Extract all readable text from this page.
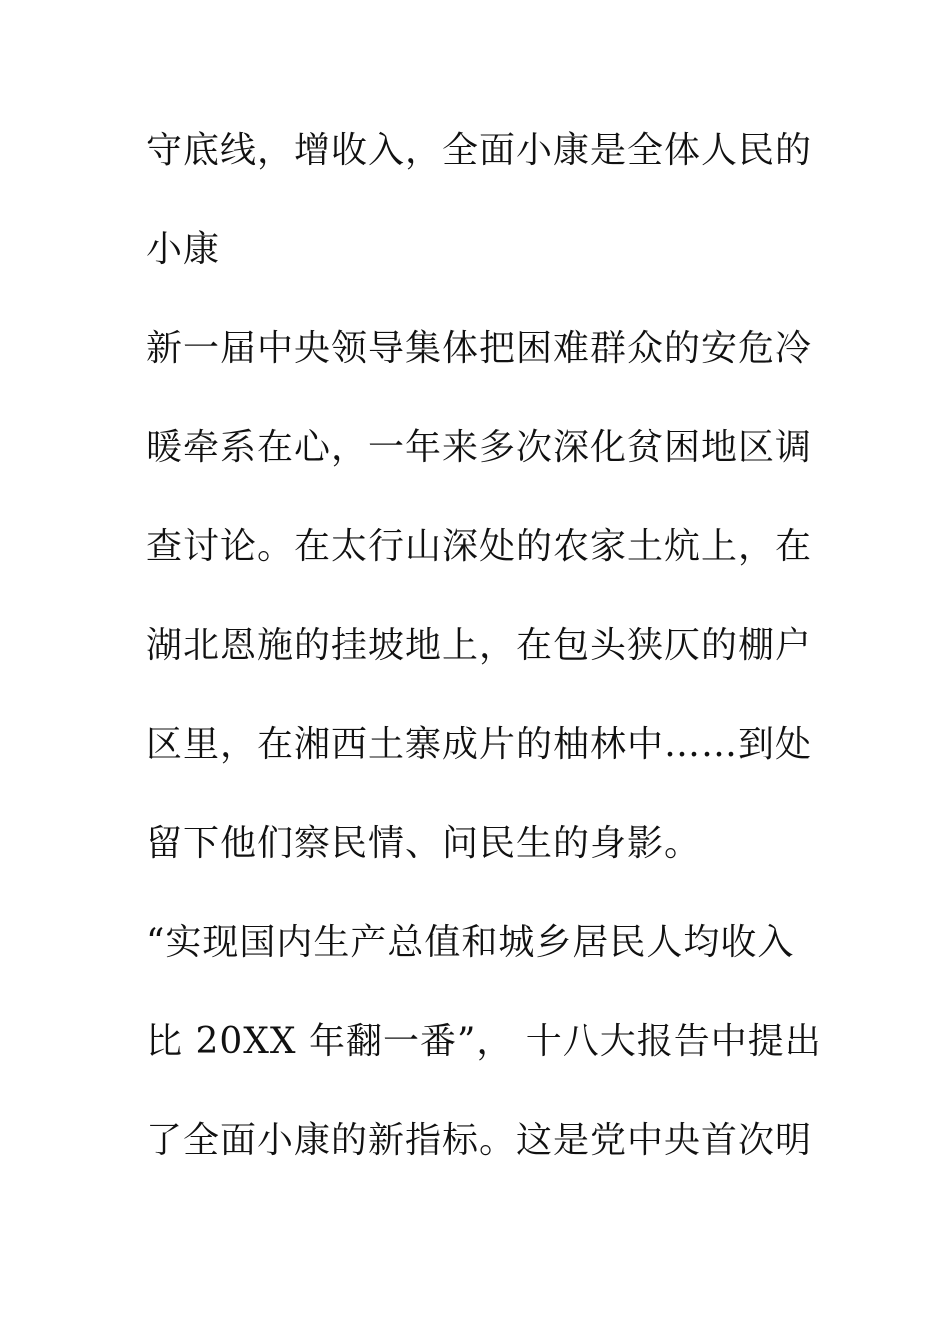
守底线，增收入，全面小康是全体人民的
小康
新一届中央领导集体把困难群众的安危冷
暖牵系在心，一年来多次深化贫困地区调
查讨论。在太行山深处的农家土炕上，在
湖北恩施的挂坡地上，在包头狭仄的棚户
区里，在湘西土寨成片的柚林中……到处
留下他们察民情、问民生的身影。
“实现国内生产总值和城乡居民人均收入
比 20XX 年翻一番”， 十八大报告中提出
了全面小康的新指标。这是党中央首次明
